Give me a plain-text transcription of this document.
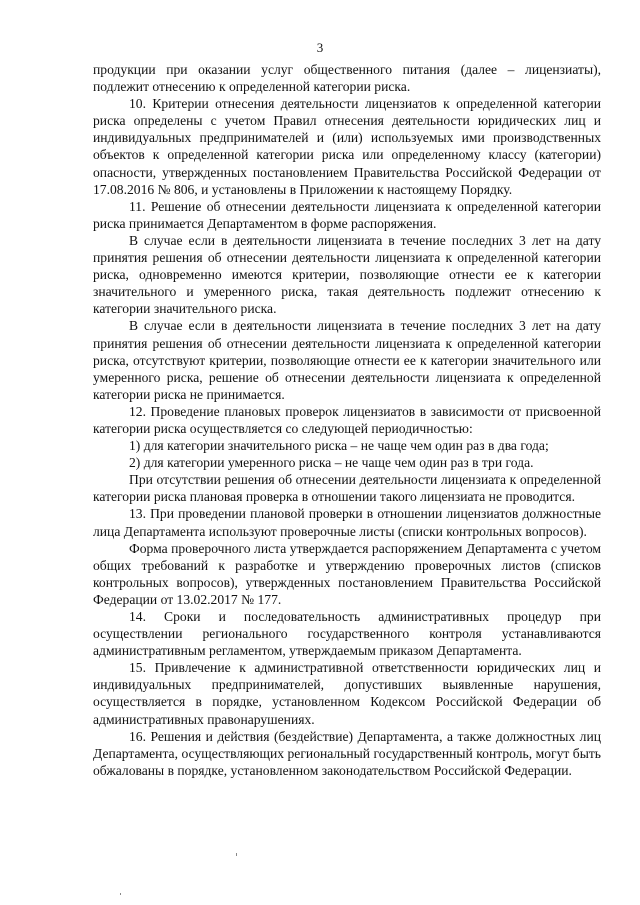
3

продукции при оказании услуг общественного питания (далее – лицензиаты), подлежит отнесению к определенной категории риска.

10. Критерии отнесения деятельности лицензиатов к определенной категории риска определены с учетом Правил отнесения деятельности юридических лиц и индивидуальных предпринимателей и (или) используемых ими производственных объектов к определенной категории риска или определенному классу (категории) опасности, утвержденных постановлением Правительства Российской Федерации от 17.08.2016 № 806, и установлены в Приложении к настоящему Порядку.

11. Решение об отнесении деятельности лицензиата к определенной категории риска принимается Департаментом в форме распоряжения.

В случае если в деятельности лицензиата в течение последних 3 лет на дату принятия решения об отнесении деятельности лицензиата к определенной категории риска, одновременно имеются критерии, позволяющие отнести ее к категории значительного и умеренного риска, такая деятельность подлежит отнесению к категории значительного риска.

В случае если в деятельности лицензиата в течение последних 3 лет на дату принятия решения об отнесении деятельности лицензиата к определенной категории риска, отсутствуют критерии, позволяющие отнести ее к категории значительного или умеренного риска, решение об отнесении деятельности лицензиата к определенной категории риска не принимается.

12. Проведение плановых проверок лицензиатов в зависимости от присвоенной категории риска осуществляется со следующей периодичностью:

1) для категории значительного риска – не чаще чем один раз в два года;

2) для категории умеренного риска – не чаще чем один раз в три года.

При отсутствии решения об отнесении деятельности лицензиата к определенной категории риска плановая проверка в отношении такого лицензиата не проводится.

13. При проведении плановой проверки в отношении лицензиатов должностные лица Департамента используют проверочные листы (списки контрольных вопросов).

Форма проверочного листа утверждается распоряжением Департамента с учетом общих требований к разработке и утверждению проверочных листов (списков контрольных вопросов), утвержденных постановлением Правительства Российской Федерации от 13.02.2017 № 177.

14. Сроки и последовательность административных процедур при осуществлении регионального государственного контроля устанавливаются административным регламентом, утверждаемым приказом Департамента.

15. Привлечение к административной ответственности юридических лиц и индивидуальных предпринимателей, допустивших выявленные нарушения, осуществляется в порядке, установленном Кодексом Российской Федерации об административных правонарушениях.

16. Решения и действия (бездействие) Департамента, а также должностных лиц Департамента, осуществляющих региональный государственный контроль, могут быть обжалованы в порядке, установленном законодательством Российской Федерации.
